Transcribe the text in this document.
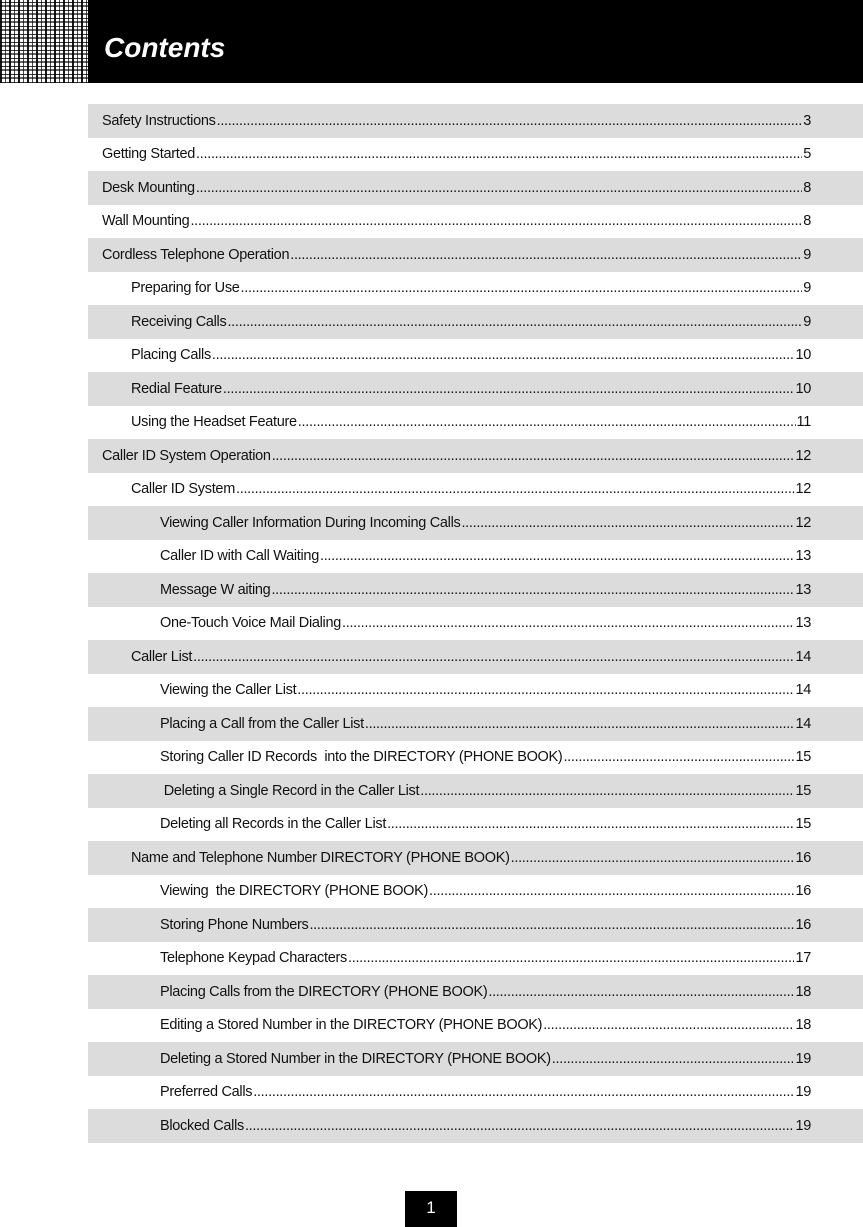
Contents
Safety Instructions .....	3
Getting Started .....	5
Desk Mounting .....	8
Wall Mounting .....	8
Cordless Telephone Operation .....	9
Preparing for Use .....	9
Receiving Calls .....	9
Placing Calls .....	10
Redial Feature .....	10
Using the Headset Feature .....	11
Caller ID System Operation .....	12
Caller ID System .....	12
Viewing Caller Information During Incoming Calls .....	12
Caller ID with Call Waiting .....	13
Message W aiting .....	13
One-Touch Voice Mail Dialing .....	13
Caller List .....	14
Viewing the Caller List .....	14
Placing a Call from the Caller List .....	14
Storing Caller ID Records  into the DIRECTORY (PHONE BOOK) .....	15
Deleting a Single Record in the Caller List .....	15
Deleting all Records in the Caller List .....	15
Name and Telephone Number DIRECTORY (PHONE BOOK) .....	16
Viewing  the DIRECTORY (PHONE BOOK) .....	16
Storing Phone Numbers .....	16
Telephone Keypad Characters .....	17
Placing Calls from the DIRECTORY (PHONE BOOK) .....	18
Editing a Stored Number in the DIRECTORY (PHONE BOOK) .....	18
Deleting a Stored Number in the DIRECTORY (PHONE BOOK) .....	19
Preferred Calls .....	19
Blocked Calls .....	19
1
